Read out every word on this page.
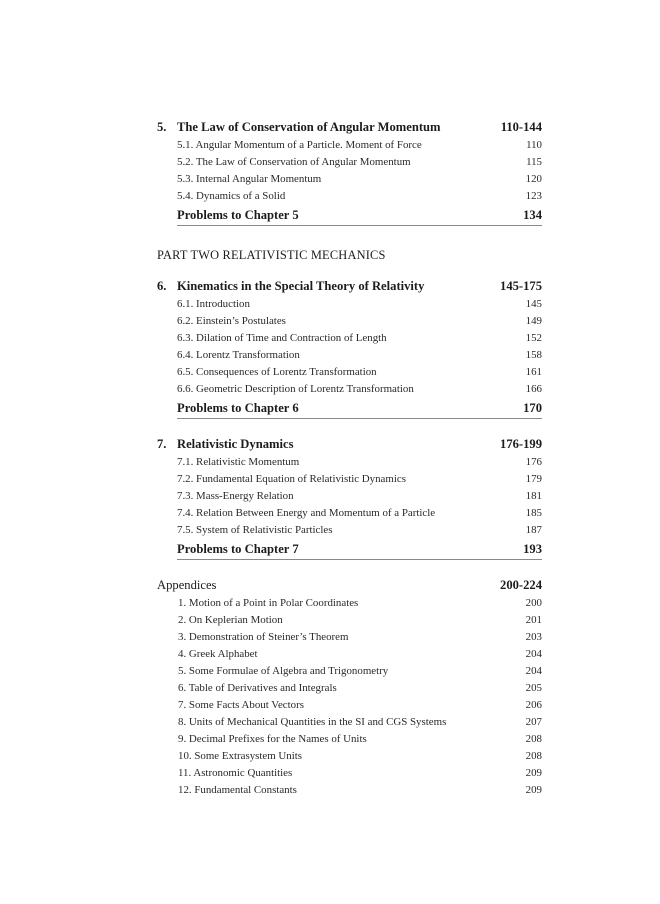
5. The Law of Conservation of Angular Momentum	110-144
5.1. Angular Momentum of a Particle. Moment of Force	110
5.2. The Law of Conservation of Angular Momentum	115
5.3. Internal Angular Momentum	120
5.4. Dynamics of a Solid	123
Problems to Chapter 5	134
PART TWO RELATIVISTIC MECHANICS
6. Kinematics in the Special Theory of Relativity	145-175
6.1. Introduction	145
6.2. Einstein’s Postulates	149
6.3. Dilation of Time and Contraction of Length	152
6.4. Lorentz Transformation	158
6.5. Consequences of Lorentz Transformation	161
6.6. Geometric Description of Lorentz Transformation	166
Problems to Chapter 6	170
7. Relativistic Dynamics	176-199
7.1. Relativistic Momentum	176
7.2. Fundamental Equation of Relativistic Dynamics	179
7.3. Mass-Energy Relation	181
7.4. Relation Between Energy and Momentum of a Particle	185
7.5. System of Relativistic Particles	187
Problems to Chapter 7	193
Appendices	200-224
1. Motion of a Point in Polar Coordinates	200
2. On Keplerian Motion	201
3. Demonstration of Steiner’s Theorem	203
4. Greek Alphabet	204
5. Some Formulae of Algebra and Trigonometry	204
6. Table of Derivatives and Integrals	205
7. Some Facts About Vectors	206
8. Units of Mechanical Quantities in the SI and CGS Systems	207
9. Decimal Prefixes for the Names of Units	208
10. Some Extrasystem Units	208
11. Astronomic Quantities	209
12. Fundamental Constants	209
